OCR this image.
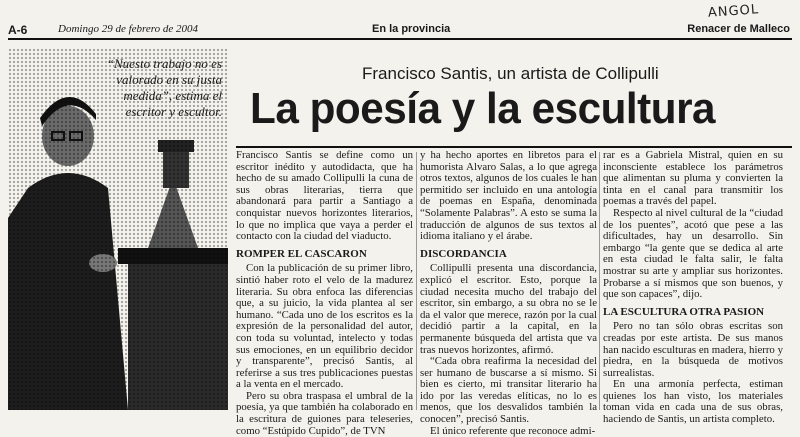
A-6	Domingo 29 de febrero de 2004	En la provincia
ANGOL
Renacer de Malleco
“Nuesto trabajo no es valorado en su justa medida”, estima el escritor y escultor.
Francisco Santis, un artista de Collipulli
La poesía y la escultura

Francisco Santis se define como un escritor inédito y autodidacta, que ha hecho de su amado Collipulli la cuna de sus obras literarias, tierra que abandonará para partir a Santiago a conquistar nuevos horizontes literarios, lo que no implica que vaya a perder el contacto con la ciudad del viaducto.

ROMPER EL CASCARON

Con la publicación de su primer libro, sintió haber roto el velo de la madurez literaria. Su obra enfoca las diferencias que, a su juicio, la vida plantea al ser humano. “Cada uno de los escritos es la expresión de la personalidad del autor, con toda su voluntad, intelecto y todas sus emociones, en un equilibrio decidor y transparente”, precisó Santis, al referirse a sus tres publicaciones puestas a la venta en el mercado.

Pero su obra traspasa el umbral de la poesía, ya que también ha colaborado en la escritura de guiones para teleseries, como “Estúpido Cupido”, de TVN

y ha hecho aportes en libretos para el humorista Alvaro Salas, a lo que agrega otros textos, algunos de los cuales le han permitido ser incluido en una antología de poemas en España, denominada “Solamente Palabras”. A esto se suma la traducción de algunos de sus textos al idioma italiano y el árabe.

DISCORDANCIA

Collipulli presenta una discordancia, explicó el escritor. Esto, porque la ciudad necesita mucho del trabajo del escritor, sin embargo, a su obra no se le da el valor que merece, razón por la cual decidió partir a la capital, en la permanente búsqueda del artista que va tras nuevos horizontes, afirmó.

“Cada obra reafirma la necesidad del ser humano de buscarse a sí mismo. Si bien es cierto, mi transitar literario ha ido por las veredas elíticas, no lo es menos, que los desvalidos también la conocen”, precisó Santis.

El único referente que reconoce admi-

rar es a Gabriela Mistral, quien en su inconsciente establece los parámetros que alimentan su pluma y convierten la tinta en el canal para transmitir los poemas a través del papel.

Respecto al nivel cultural de la “ciudad de los puentes”, acotó que pese a las dificultades, hay un desarrollo. Sin embargo “la gente que se dedica al arte en esta ciudad le falta salir, le falta mostrar su arte y ampliar sus horizontes. Probarse a sí mismos que son buenos, y que son capaces”, dijo.

LA ESCULTURA OTRA PASION

Pero no tan sólo obras escritas son creadas por este artista. De sus manos han nacido esculturas en madera, hierro y piedra, en la búsqueda de motivos surrealistas.

En una armonía perfecta, estiman quienes los han visto, los materiales toman vida en cada una de sus obras, haciendo de Santis, un artista completo.
